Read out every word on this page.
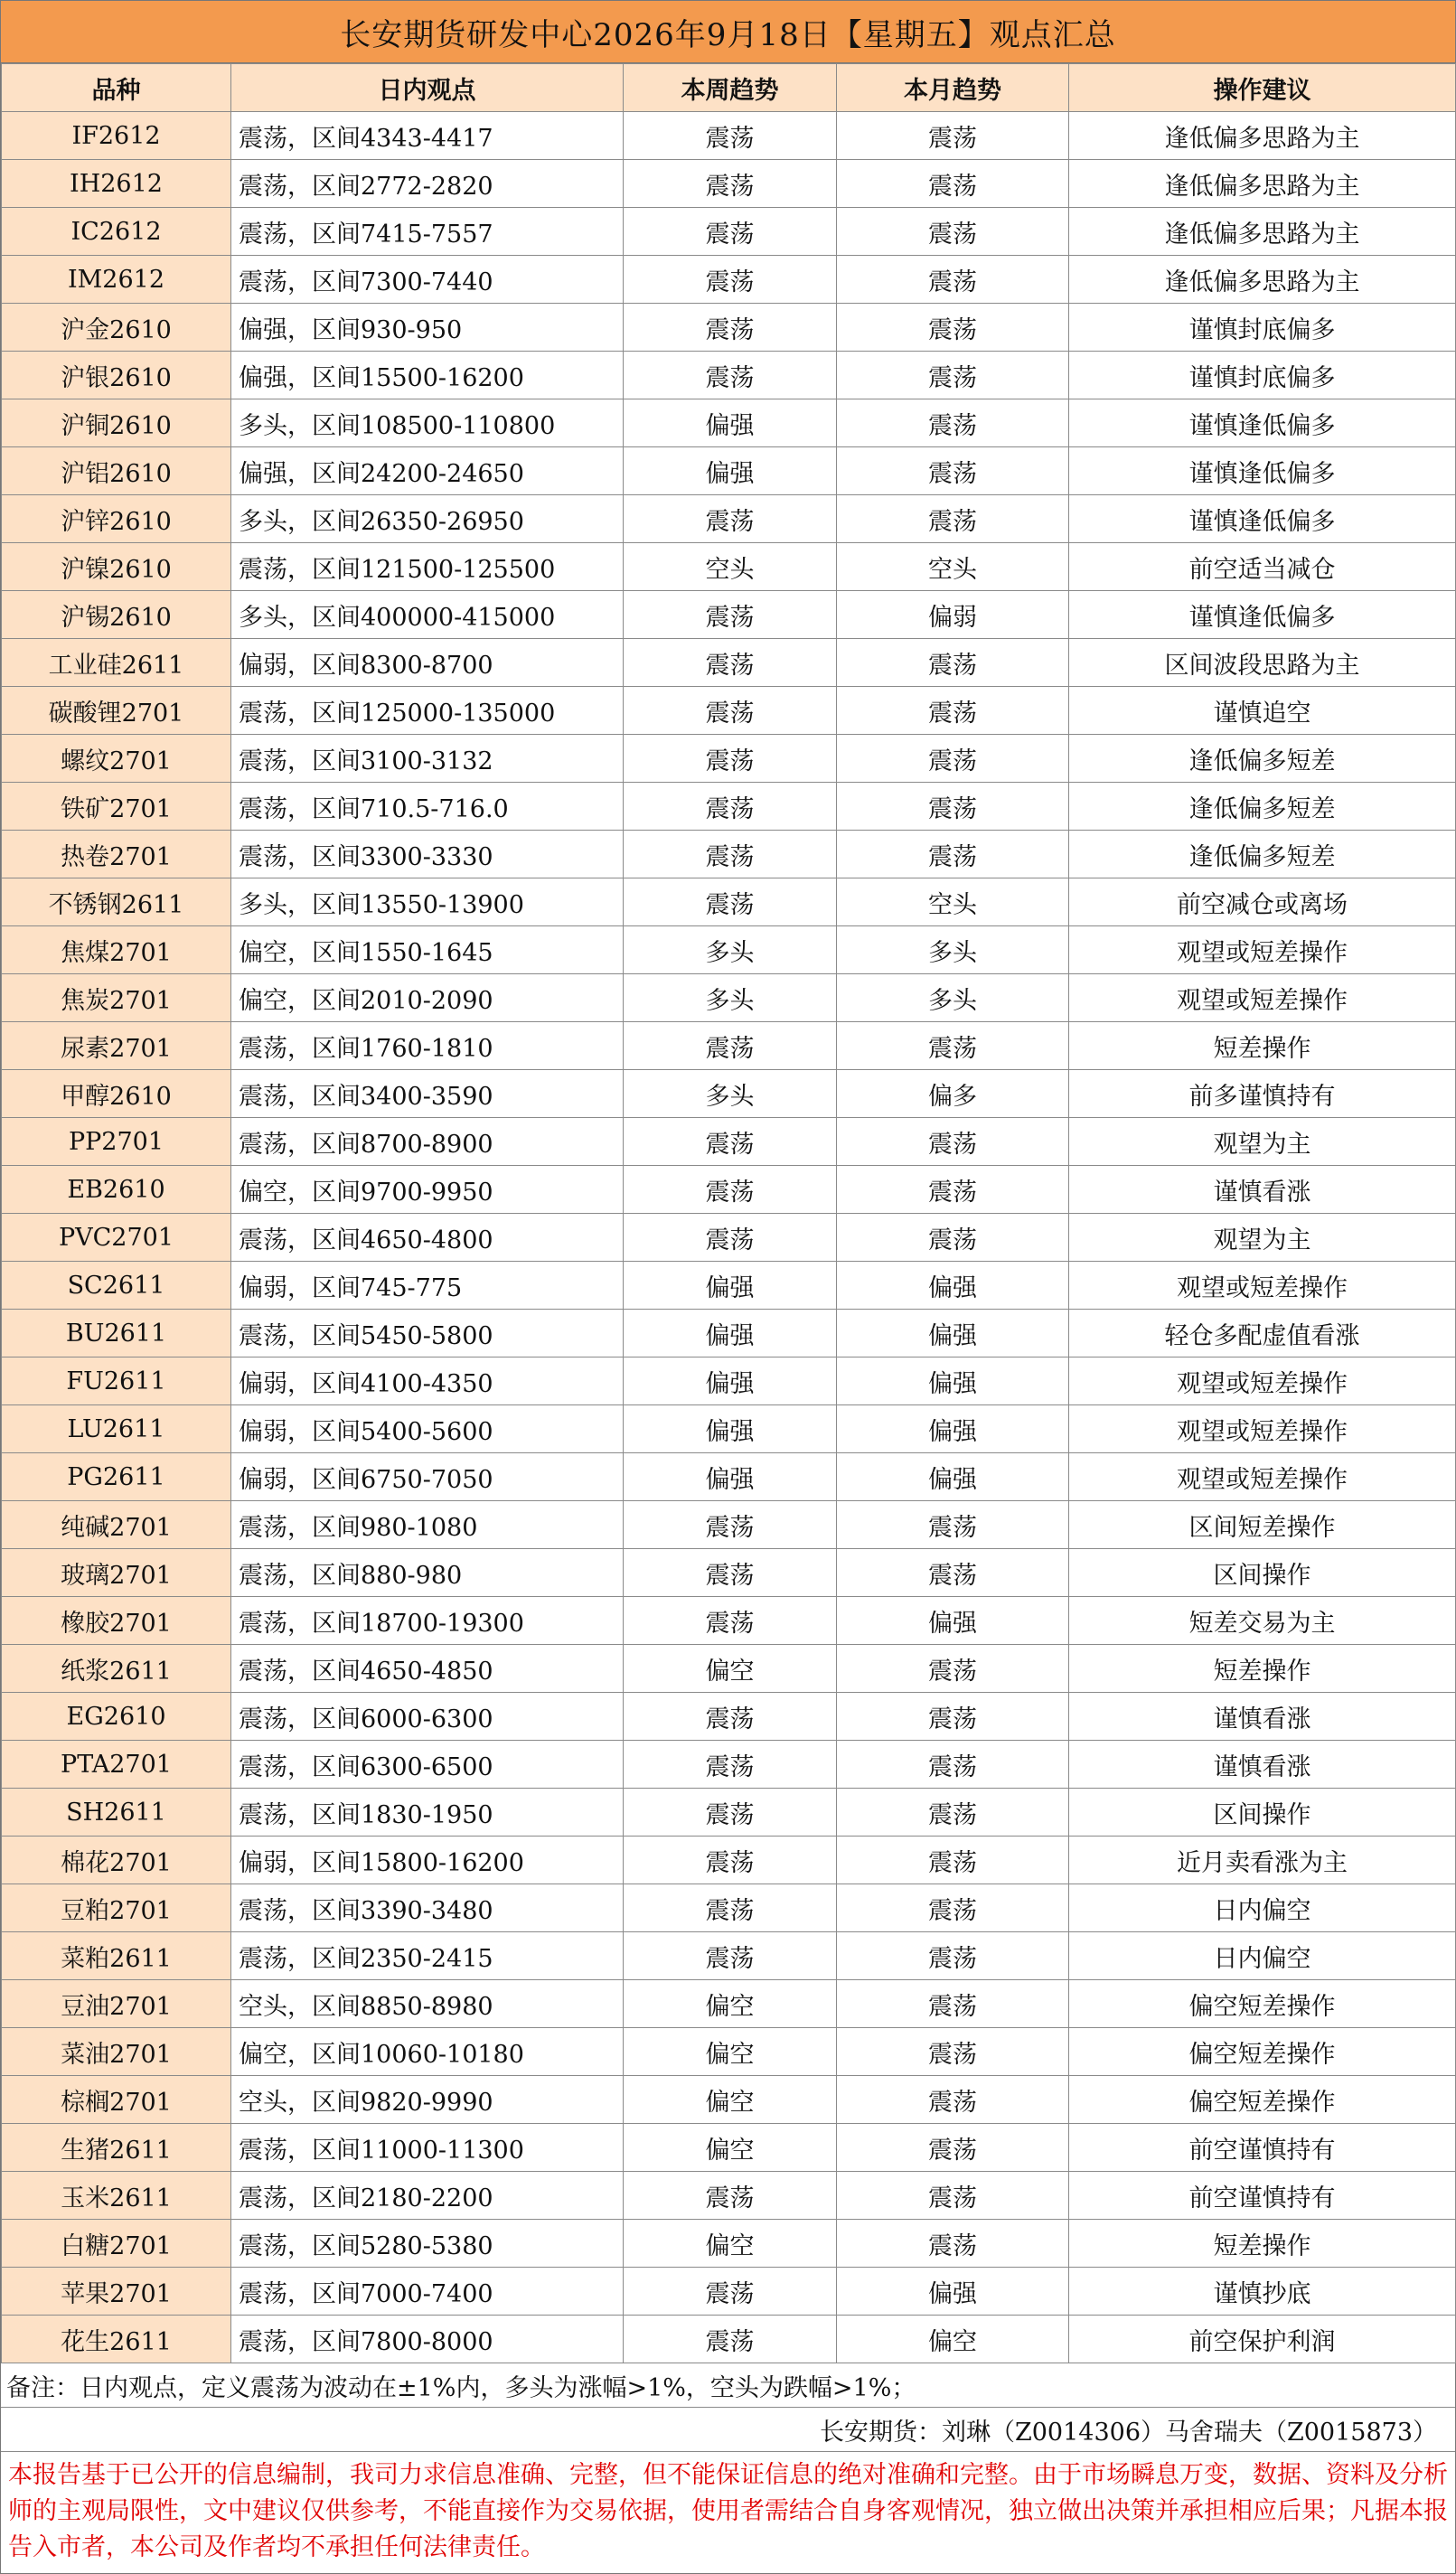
长安期货研发中心2026年9月18日【星期五】观点汇总
品种	日内观点	本周趋势	本月趋势	操作建议
IF2612	震荡，区间4343-4417	震荡	震荡	逢低偏多思路为主
IH2612	震荡，区间2772-2820	震荡	震荡	逢低偏多思路为主
IC2612	震荡，区间7415-7557	震荡	震荡	逢低偏多思路为主
IM2612	震荡，区间7300-7440	震荡	震荡	逢低偏多思路为主
沪金2610	偏强，区间930-950	震荡	震荡	谨慎封底偏多
沪银2610	偏强，区间15500-16200	震荡	震荡	谨慎封底偏多
沪铜2610	多头，区间108500-110800	偏强	震荡	谨慎逢低偏多
沪铝2610	偏强，区间24200-24650	偏强	震荡	谨慎逢低偏多
沪锌2610	多头，区间26350-26950	震荡	震荡	谨慎逢低偏多
沪镍2610	震荡，区间121500-125500	空头	空头	前空适当减仓
沪锡2610	多头，区间400000-415000	震荡	偏弱	谨慎逢低偏多
工业硅2611	偏弱，区间8300-8700	震荡	震荡	区间波段思路为主
碳酸锂2701	震荡，区间125000-135000	震荡	震荡	谨慎追空
螺纹2701	震荡，区间3100-3132	震荡	震荡	逢低偏多短差
铁矿2701	震荡，区间710.5-716.0	震荡	震荡	逢低偏多短差
热卷2701	震荡，区间3300-3330	震荡	震荡	逢低偏多短差
不锈钢2611	多头，区间13550-13900	震荡	空头	前空减仓或离场
焦煤2701	偏空，区间1550-1645	多头	多头	观望或短差操作
焦炭2701	偏空，区间2010-2090	多头	多头	观望或短差操作
尿素2701	震荡，区间1760-1810	震荡	震荡	短差操作
甲醇2610	震荡，区间3400-3590	多头	偏多	前多谨慎持有
PP2701	震荡，区间8700-8900	震荡	震荡	观望为主
EB2610	偏空，区间9700-9950	震荡	震荡	谨慎看涨
PVC2701	震荡，区间4650-4800	震荡	震荡	观望为主
SC2611	偏弱，区间745-775	偏强	偏强	观望或短差操作
BU2611	震荡，区间5450-5800	偏强	偏强	轻仓多配虚值看涨
FU2611	偏弱，区间4100-4350	偏强	偏强	观望或短差操作
LU2611	偏弱，区间5400-5600	偏强	偏强	观望或短差操作
PG2611	偏弱，区间6750-7050	偏强	偏强	观望或短差操作
纯碱2701	震荡，区间980-1080	震荡	震荡	区间短差操作
玻璃2701	震荡，区间880-980	震荡	震荡	区间操作
橡胶2701	震荡，区间18700-19300	震荡	偏强	短差交易为主
纸浆2611	震荡，区间4650-4850	偏空	震荡	短差操作
EG2610	震荡，区间6000-6300	震荡	震荡	谨慎看涨
PTA2701	震荡，区间6300-6500	震荡	震荡	谨慎看涨
SH2611	震荡，区间1830-1950	震荡	震荡	区间操作
棉花2701	偏弱，区间15800-16200	震荡	震荡	近月卖看涨为主
豆粕2701	震荡，区间3390-3480	震荡	震荡	日内偏空
菜粕2611	震荡，区间2350-2415	震荡	震荡	日内偏空
豆油2701	空头，区间8850-8980	偏空	震荡	偏空短差操作
菜油2701	偏空，区间10060-10180	偏空	震荡	偏空短差操作
棕榈2701	空头，区间9820-9990	偏空	震荡	偏空短差操作
生猪2611	震荡，区间11000-11300	偏空	震荡	前空谨慎持有
玉米2611	震荡，区间2180-2200	震荡	震荡	前空谨慎持有
白糖2701	震荡，区间5280-5380	偏空	震荡	短差操作
苹果2701	震荡，区间7000-7400	震荡	偏强	谨慎抄底
花生2611	震荡，区间7800-8000	震荡	偏空	前空保护利润
备注：日内观点，定义震荡为波动在±1%内，多头为涨幅>1%，空头为跌幅>1%；
长安期货：刘琳（Z0014306）马舍瑞夫（Z0015873）
本报告基于已公开的信息编制，我司力求信息准确、完整，但不能保证信息的绝对准确和完整。由于市场瞬息万变，数据、资料及分析师的主观局限性，文中建议仅供参考，不能直接作为交易依据，使用者需结合自身客观情况，独立做出决策并承担相应后果；凡据本报告入市者，本公司及作者均不承担任何法律责任。
